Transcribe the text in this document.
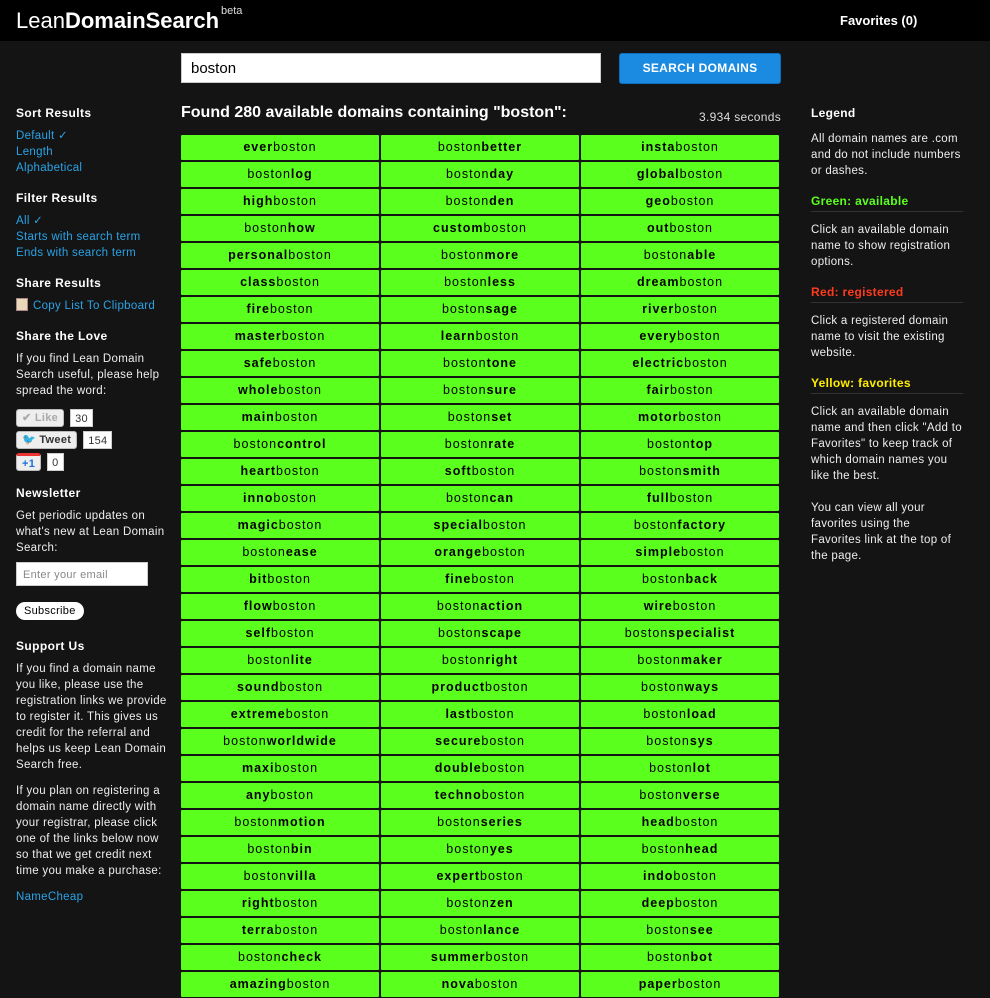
LeanDomainSearch beta
Favorites (0)
boston
SEARCH DOMAINS
Sort Results
Default ✓
Length
Alphabetical
Filter Results
All ✓
Starts with search term
Ends with search term
Share Results
Copy List To Clipboard
Share the Love
If you find Lean Domain Search useful, please help spread the word:
✔ Like	30
🐦 Tweet	154
+1	0
Newsletter
Get periodic updates on what's new at Lean Domain Search:
Enter your email
Subscribe
Support Us
If you find a domain name you like, please use the registration links we provide to register it. This gives us credit for the referral and helps us keep Lean Domain Search free.
If you plan on registering a domain name directly with your registrar, please click one of the links below now so that we get credit next time you make a purchase:
NameCheap
Found 280 available domains containing "boston":	3.934 seconds
everboston	bostonbetter	instaboston
bostonlog	bostonday	globalboston
highboston	bostonden	geoboston
bostonhow	customboston	outboston
personalboston	bostonmore	bostonable
classboston	bostonless	dreamboston
fireboston	bostonsage	riverboston
masterboston	learnboston	everyboston
safeboston	bostontone	electricboston
wholeboston	bostonsure	fairboston
mainboston	bostonset	motorboston
bostoncontrol	bostonrate	bostontop
heartboston	softboston	bostonsmith
innoboston	bostoncan	fullboston
magicboston	specialboston	bostonfactory
bostonease	orangeboston	simpleboston
bitboston	fineboston	bostonback
flowboston	bostonaction	wireboston
selfboston	bostonscape	bostonspecialist
bostonlite	bostonright	bostonmaker
soundboston	productboston	bostonways
extremeboston	lastboston	bostonload
bostonworldwide	secureboston	bostonsys
maxiboston	doubleboston	bostonlot
anyboston	technoboston	bostonverse
bostonmotion	bostonseries	headboston
bostonbin	bostonyes	bostonhead
bostonvilla	expertboston	indoboston
rightboston	bostonzen	deepboston
terraboston	bostonlance	bostonsee
bostoncheck	summerboston	bostonbot
amazingboston	novaboston	paperboston
Legend
All domain names are .com and do not include numbers or dashes.
Green: available
Click an available domain name to show registration options.
Red: registered
Click a registered domain name to visit the existing website.
Yellow: favorites
Click an available domain name and then click "Add to Favorites" to keep track of which domain names you like the best.
You can view all your favorites using the Favorites link at the top of the page.
